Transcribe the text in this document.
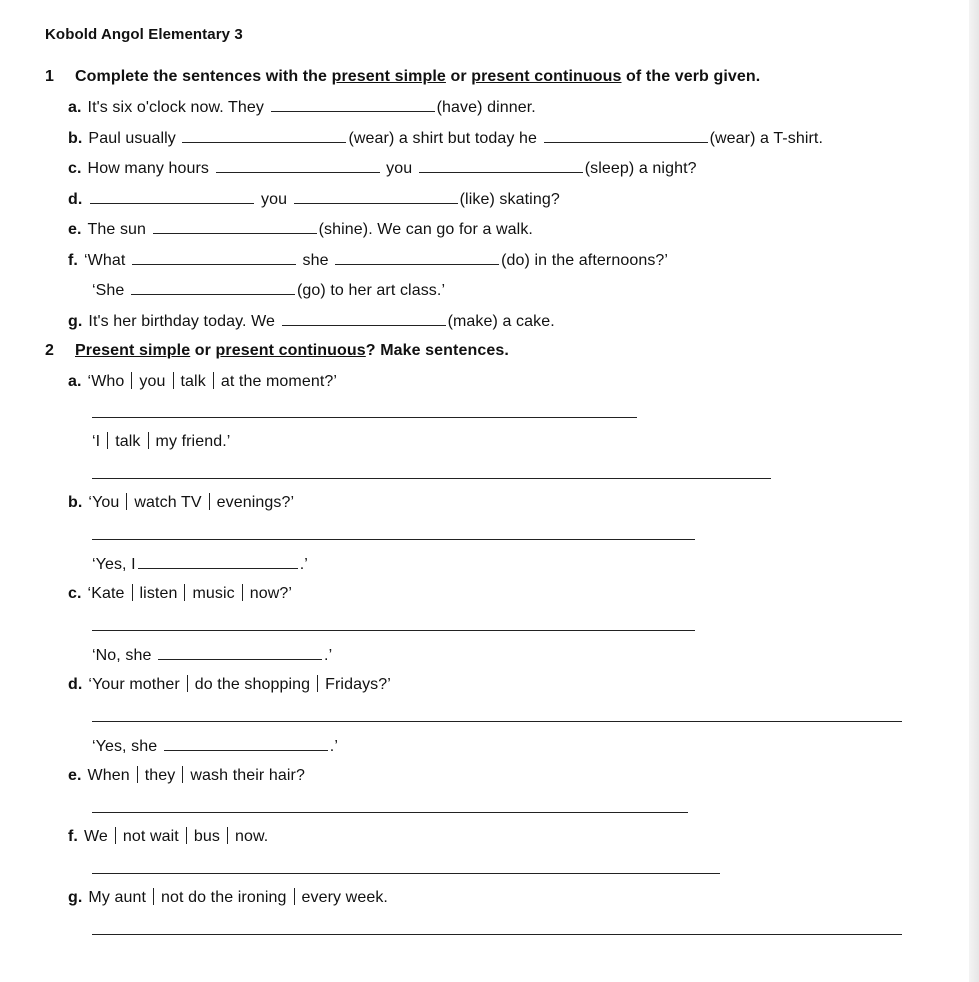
Kobold Angol Elementary 3
1 Complete the sentences with the present simple or present continuous of the verb given.
a. It's six o'clock now. They	(have) dinner.
b. Paul usually	(wear) a shirt but today he	(wear) a T-shirt.
c. How many hours	you	(sleep) a night?
d.	you	(like) skating?
e. The sun	(shine). We can go for a walk.
f. ‘What	she	(do) in the afternoons?’
‘She	(go) to her art class.’
g. It's her birthday today. We	(make) a cake.
2 Present simple or present continuous? Make sentences.
a. ‘Who you talk at the moment?’
‘I talk my friend.’
b. ‘You watch TV evenings?’
‘Yes, I	.’
c. ‘Kate listen music now?’
‘No, she	.’
d. ‘Your mother do the shopping Fridays?’
‘Yes, she	.’
e. When they wash their hair?
f. We not wait bus now.
g. My aunt not do the ironing every week.
